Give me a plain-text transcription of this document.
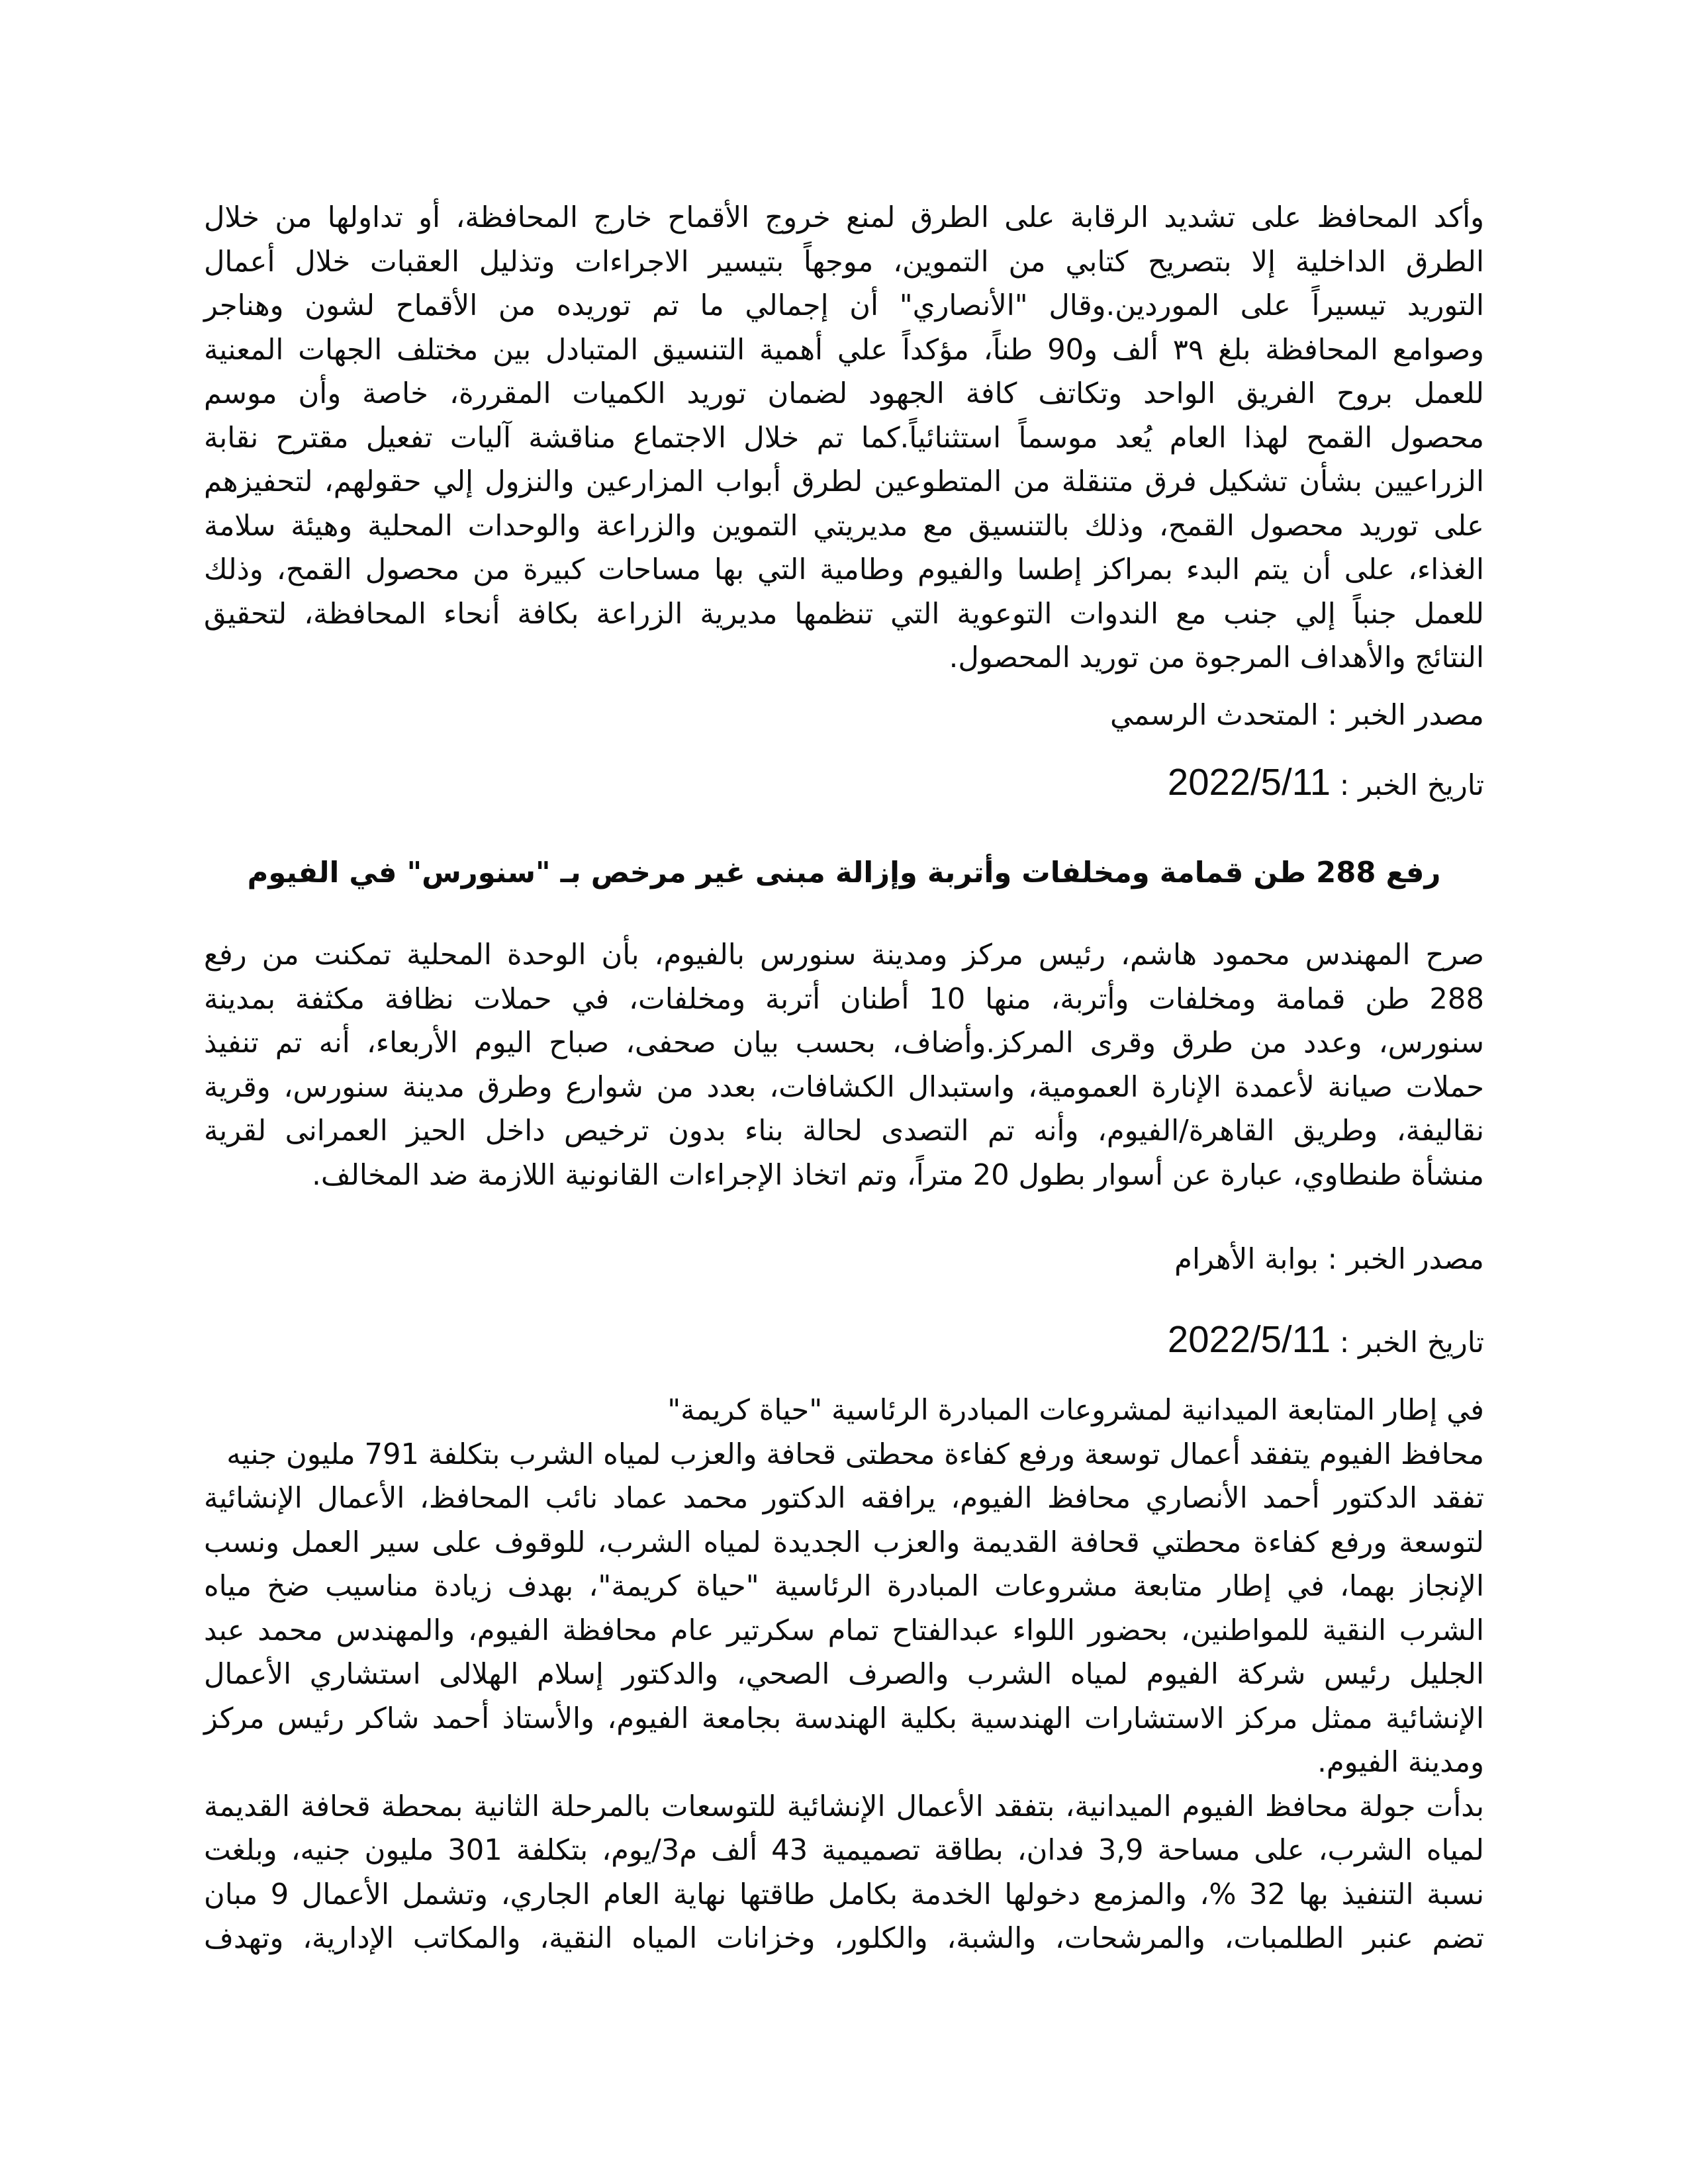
وأكد المحافظ على تشديد الرقابة على الطرق لمنع خروج الأقماح خارج المحافظة، أو تداولها من خلال
الطرق الداخلية إلا بتصريح كتابي من التموين، موجهاً بتيسير الاجراءات وتذليل العقبات خلال أعمال
التوريد تيسيراً على الموردين.وقال "الأنصاري" أن إجمالي ما تم توريده من الأقماح لشون وهناجر
وصوامع المحافظة بلغ ٣٩ ألف و90 طناً، مؤكداً علي أهمية التنسيق المتبادل بين مختلف الجهات المعنية
للعمل بروح الفريق الواحد وتكاتف كافة الجهود لضمان توريد الكميات المقررة، خاصة وأن موسم
محصول القمح لهذا العام يُعد موسماً استثنائياً.كما تم خلال الاجتماع مناقشة آليات تفعيل مقترح نقابة
الزراعيين بشأن تشكيل فرق متنقلة من المتطوعين لطرق أبواب المزارعين والنزول إلي حقولهم، لتحفيزهم
على توريد محصول القمح، وذلك بالتنسيق مع مديريتي التموين والزراعة والوحدات المحلية وهيئة سلامة
الغذاء، على أن يتم البدء بمراكز إطسا والفيوم وطامية التي بها مساحات كبيرة من محصول القمح، وذلك
للعمل جنباً إلي جنب مع الندوات التوعوية التي تنظمها مديرية الزراعة بكافة أنحاء المحافظة، لتحقيق
النتائج والأهداف المرجوة من توريد المحصول.
مصدر الخبر : المتحدث الرسمي
تاريخ الخبر : 2022/5/11
رفع 288 طن قمامة ومخلفات وأتربة وإزالة مبنى غير مرخص بـ "سنورس" في الفيوم
صرح المهندس محمود هاشم، رئيس مركز ومدينة سنورس بالفيوم، بأن الوحدة المحلية تمكنت من رفع
288 طن قمامة ومخلفات وأتربة، منها 10 أطنان أتربة ومخلفات، في حملات نظافة مكثفة بمدينة
سنورس، وعدد من طرق وقرى المركز.وأضاف، بحسب بيان صحفى، صباح اليوم الأربعاء، أنه تم تنفيذ
حملات صيانة لأعمدة الإنارة العمومية، واستبدال الكشافات، بعدد من شوارع وطرق مدينة سنورس، وقرية
نقاليفة، وطريق القاهرة/الفيوم، وأنه تم التصدى لحالة بناء بدون ترخيص داخل الحيز العمرانى لقرية
منشأة طنطاوي، عبارة عن أسوار بطول 20 متراً، وتم اتخاذ الإجراءات القانونية اللازمة ضد المخالف.
مصدر الخبر : بوابة الأهرام
تاريخ الخبر : 2022/5/11
في إطار المتابعة الميدانية لمشروعات المبادرة الرئاسية "حياة كريمة"
محافظ الفيوم يتفقد أعمال توسعة ورفع كفاءة محطتى قحافة والعزب لمياه الشرب بتكلفة 791 مليون جنيه
تفقد الدكتور أحمد الأنصاري محافظ الفيوم، يرافقه الدكتور محمد عماد نائب المحافظ، الأعمال الإنشائية
لتوسعة ورفع كفاءة محطتي قحافة القديمة والعزب الجديدة لمياه الشرب، للوقوف على سير العمل ونسب
الإنجاز بهما، في إطار متابعة مشروعات المبادرة الرئاسية "حياة كريمة"، بهدف زيادة مناسيب ضخ مياه
الشرب النقية للمواطنين، بحضور اللواء عبدالفتاح تمام سكرتير عام محافظة الفيوم، والمهندس محمد عبد
الجليل رئيس شركة الفيوم لمياه الشرب والصرف الصحي، والدكتور إسلام الهلالى استشاري الأعمال
الإنشائية ممثل مركز الاستشارات الهندسية بكلية الهندسة بجامعة الفيوم، والأستاذ أحمد شاكر رئيس مركز
ومدينة الفيوم.
بدأت جولة محافظ الفيوم الميدانية، بتفقد الأعمال الإنشائية للتوسعات بالمرحلة الثانية بمحطة قحافة القديمة
لمياه الشرب، على مساحة 3,9 فدان، بطاقة تصميمية 43 ألف م3/يوم، بتكلفة 301 مليون جنيه، وبلغت
نسبة التنفيذ بها 32 %، والمزمع دخولها الخدمة بكامل طاقتها نهاية العام الجاري، وتشمل الأعمال 9 مبان
تضم عنبر الطلمبات، والمرشحات، والشبة، والكلور، وخزانات المياه النقية، والمكاتب الإدارية، وتهدف
